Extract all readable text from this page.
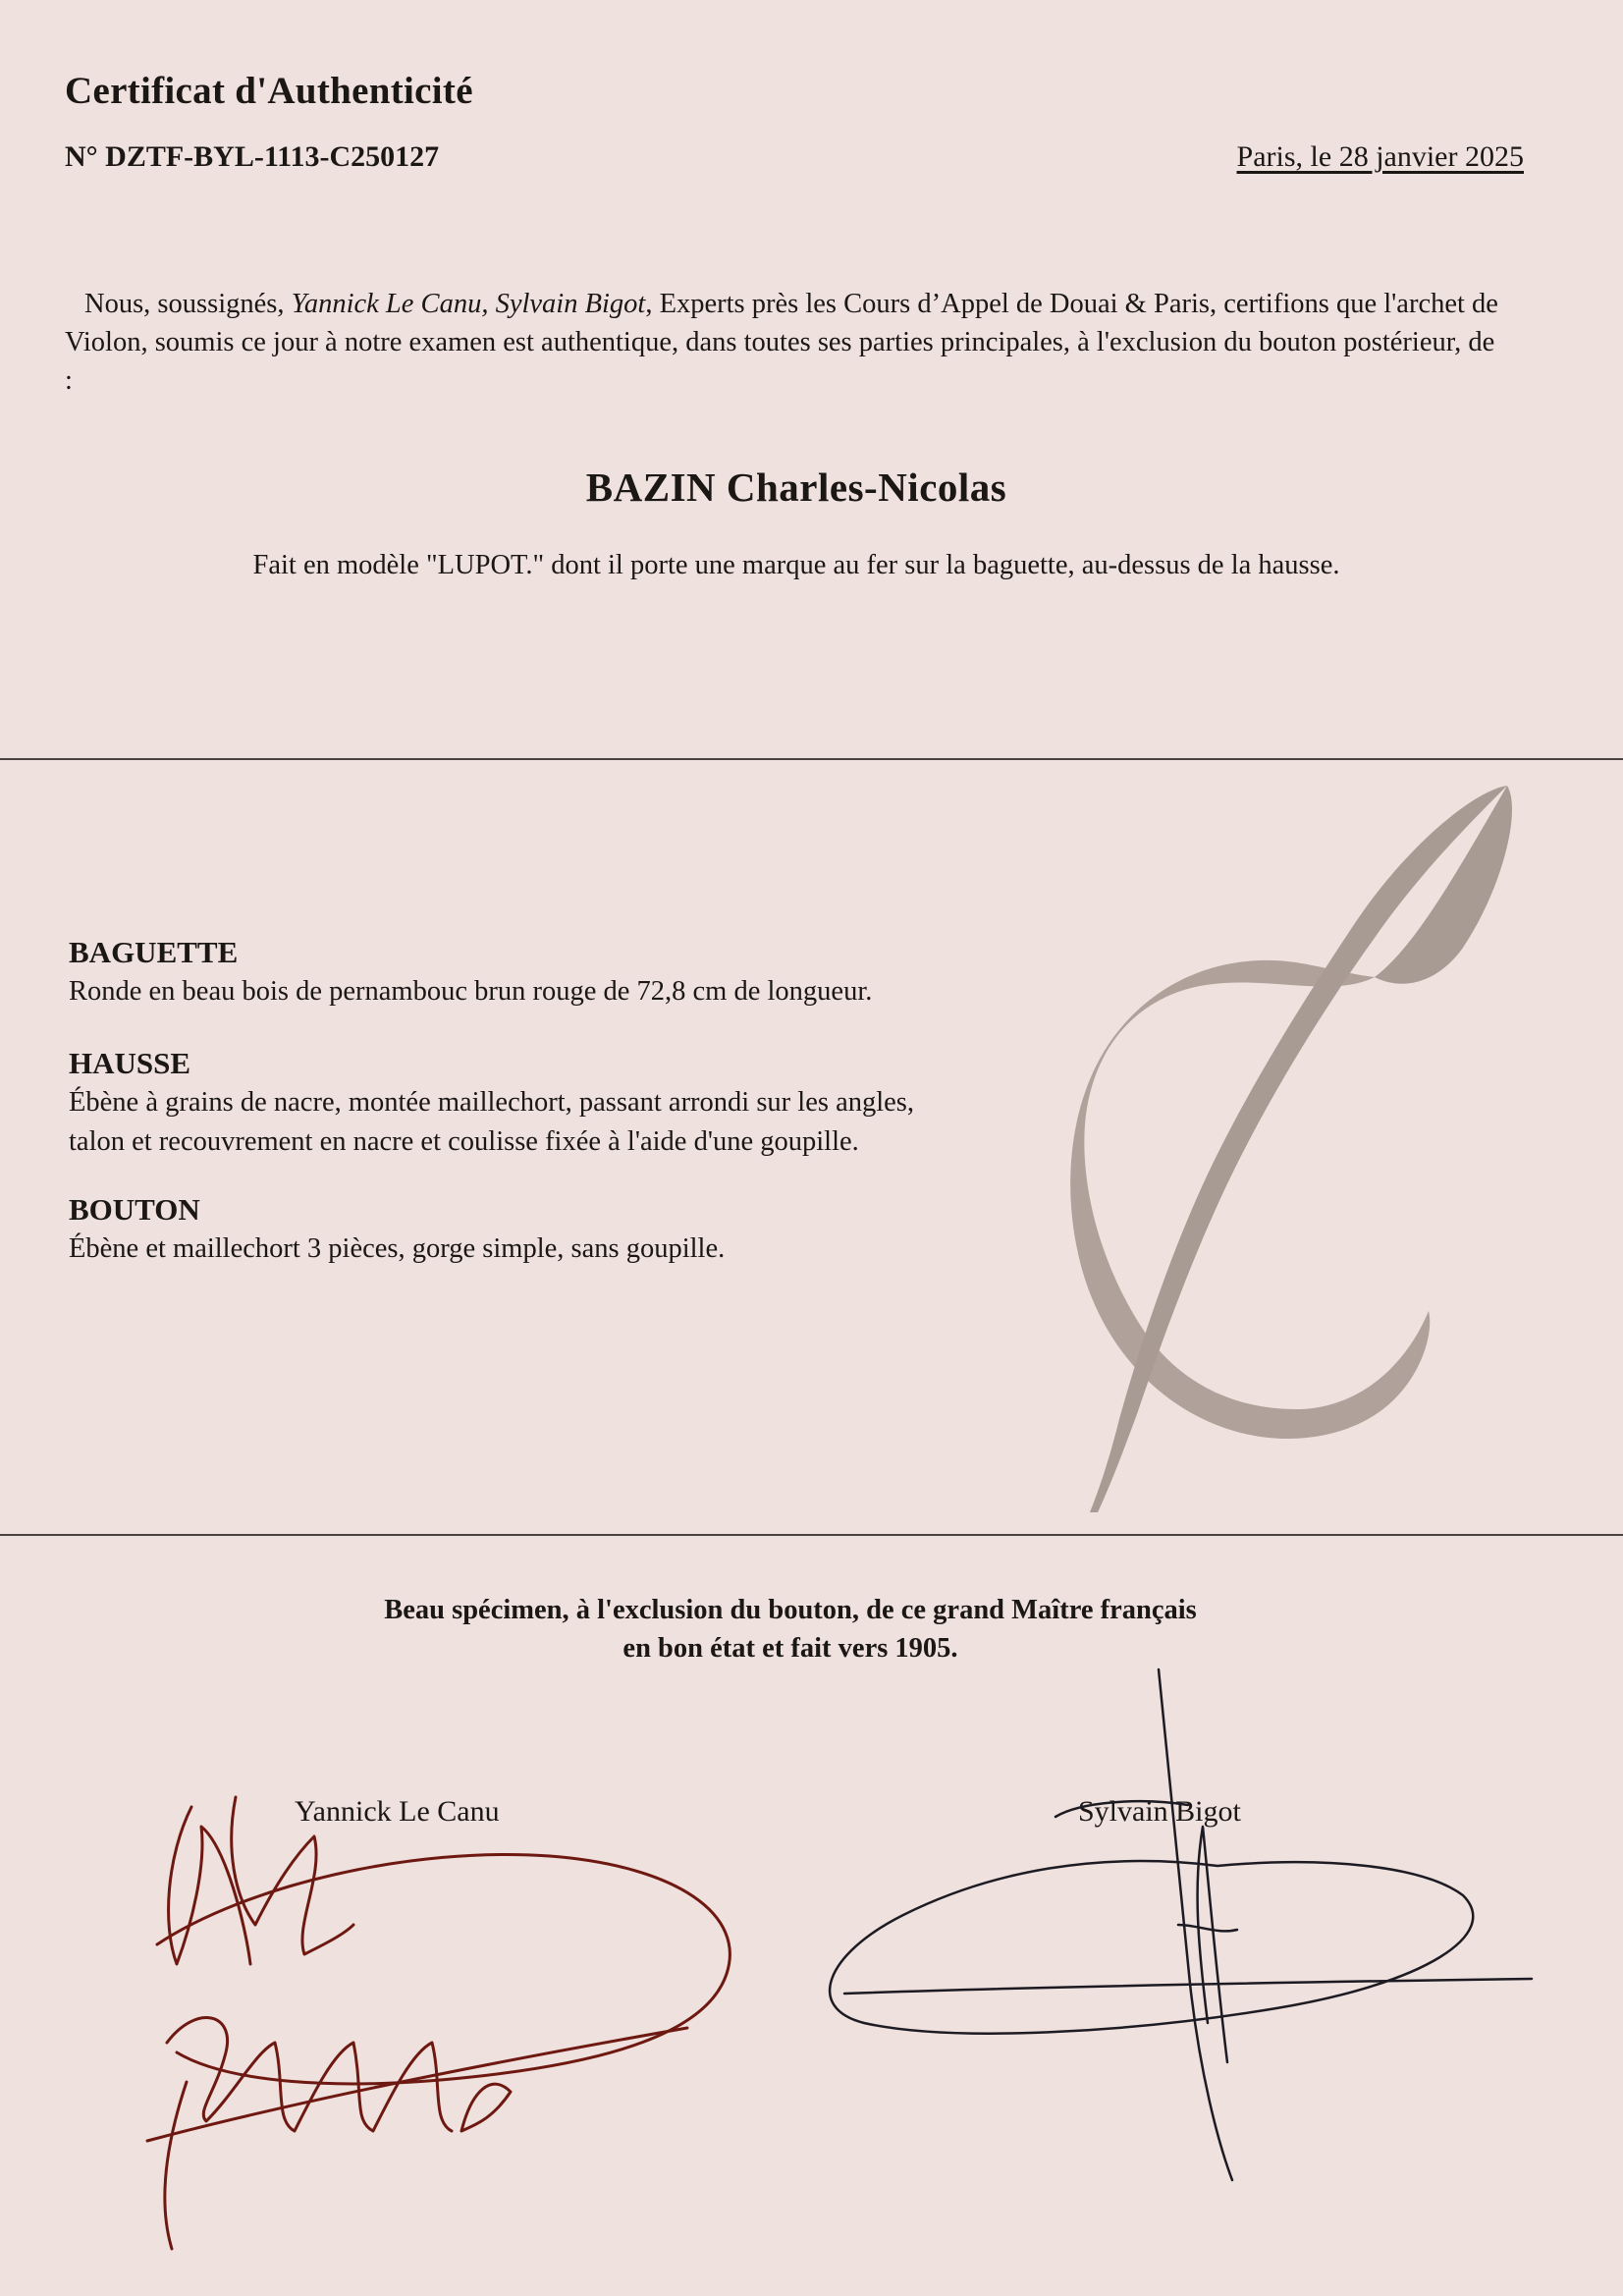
Certificat d'Authenticité
N° DZTF-BYL-1113-C250127	Paris, le 28 janvier 2025
Nous, soussignés, Yannick Le Canu, Sylvain Bigot, Experts près les Cours d’Appel de Douai & Paris, certifions que l'archet de Violon, soumis ce jour à notre examen est authentique, dans toutes ses parties principales, à l'exclusion du bouton postérieur, de :
BAZIN Charles-Nicolas
Fait en modèle "LUPOT." dont il porte une marque au fer sur la baguette, au-dessus de la hausse.
BAGUETTE
Ronde en beau bois de pernambouc brun rouge de 72,8 cm de longueur.
HAUSSE
Ébène à grains de nacre, montée maillechort, passant arrondi sur les angles,
talon et recouvrement en nacre et coulisse fixée à l'aide d'une goupille.
BOUTON
Ébène et maillechort 3 pièces, gorge simple, sans goupille.
Beau spécimen, à l'exclusion du bouton, de ce grand Maître français
en bon état et fait vers 1905.
Yannick Le Canu	Sylvain Bigot
